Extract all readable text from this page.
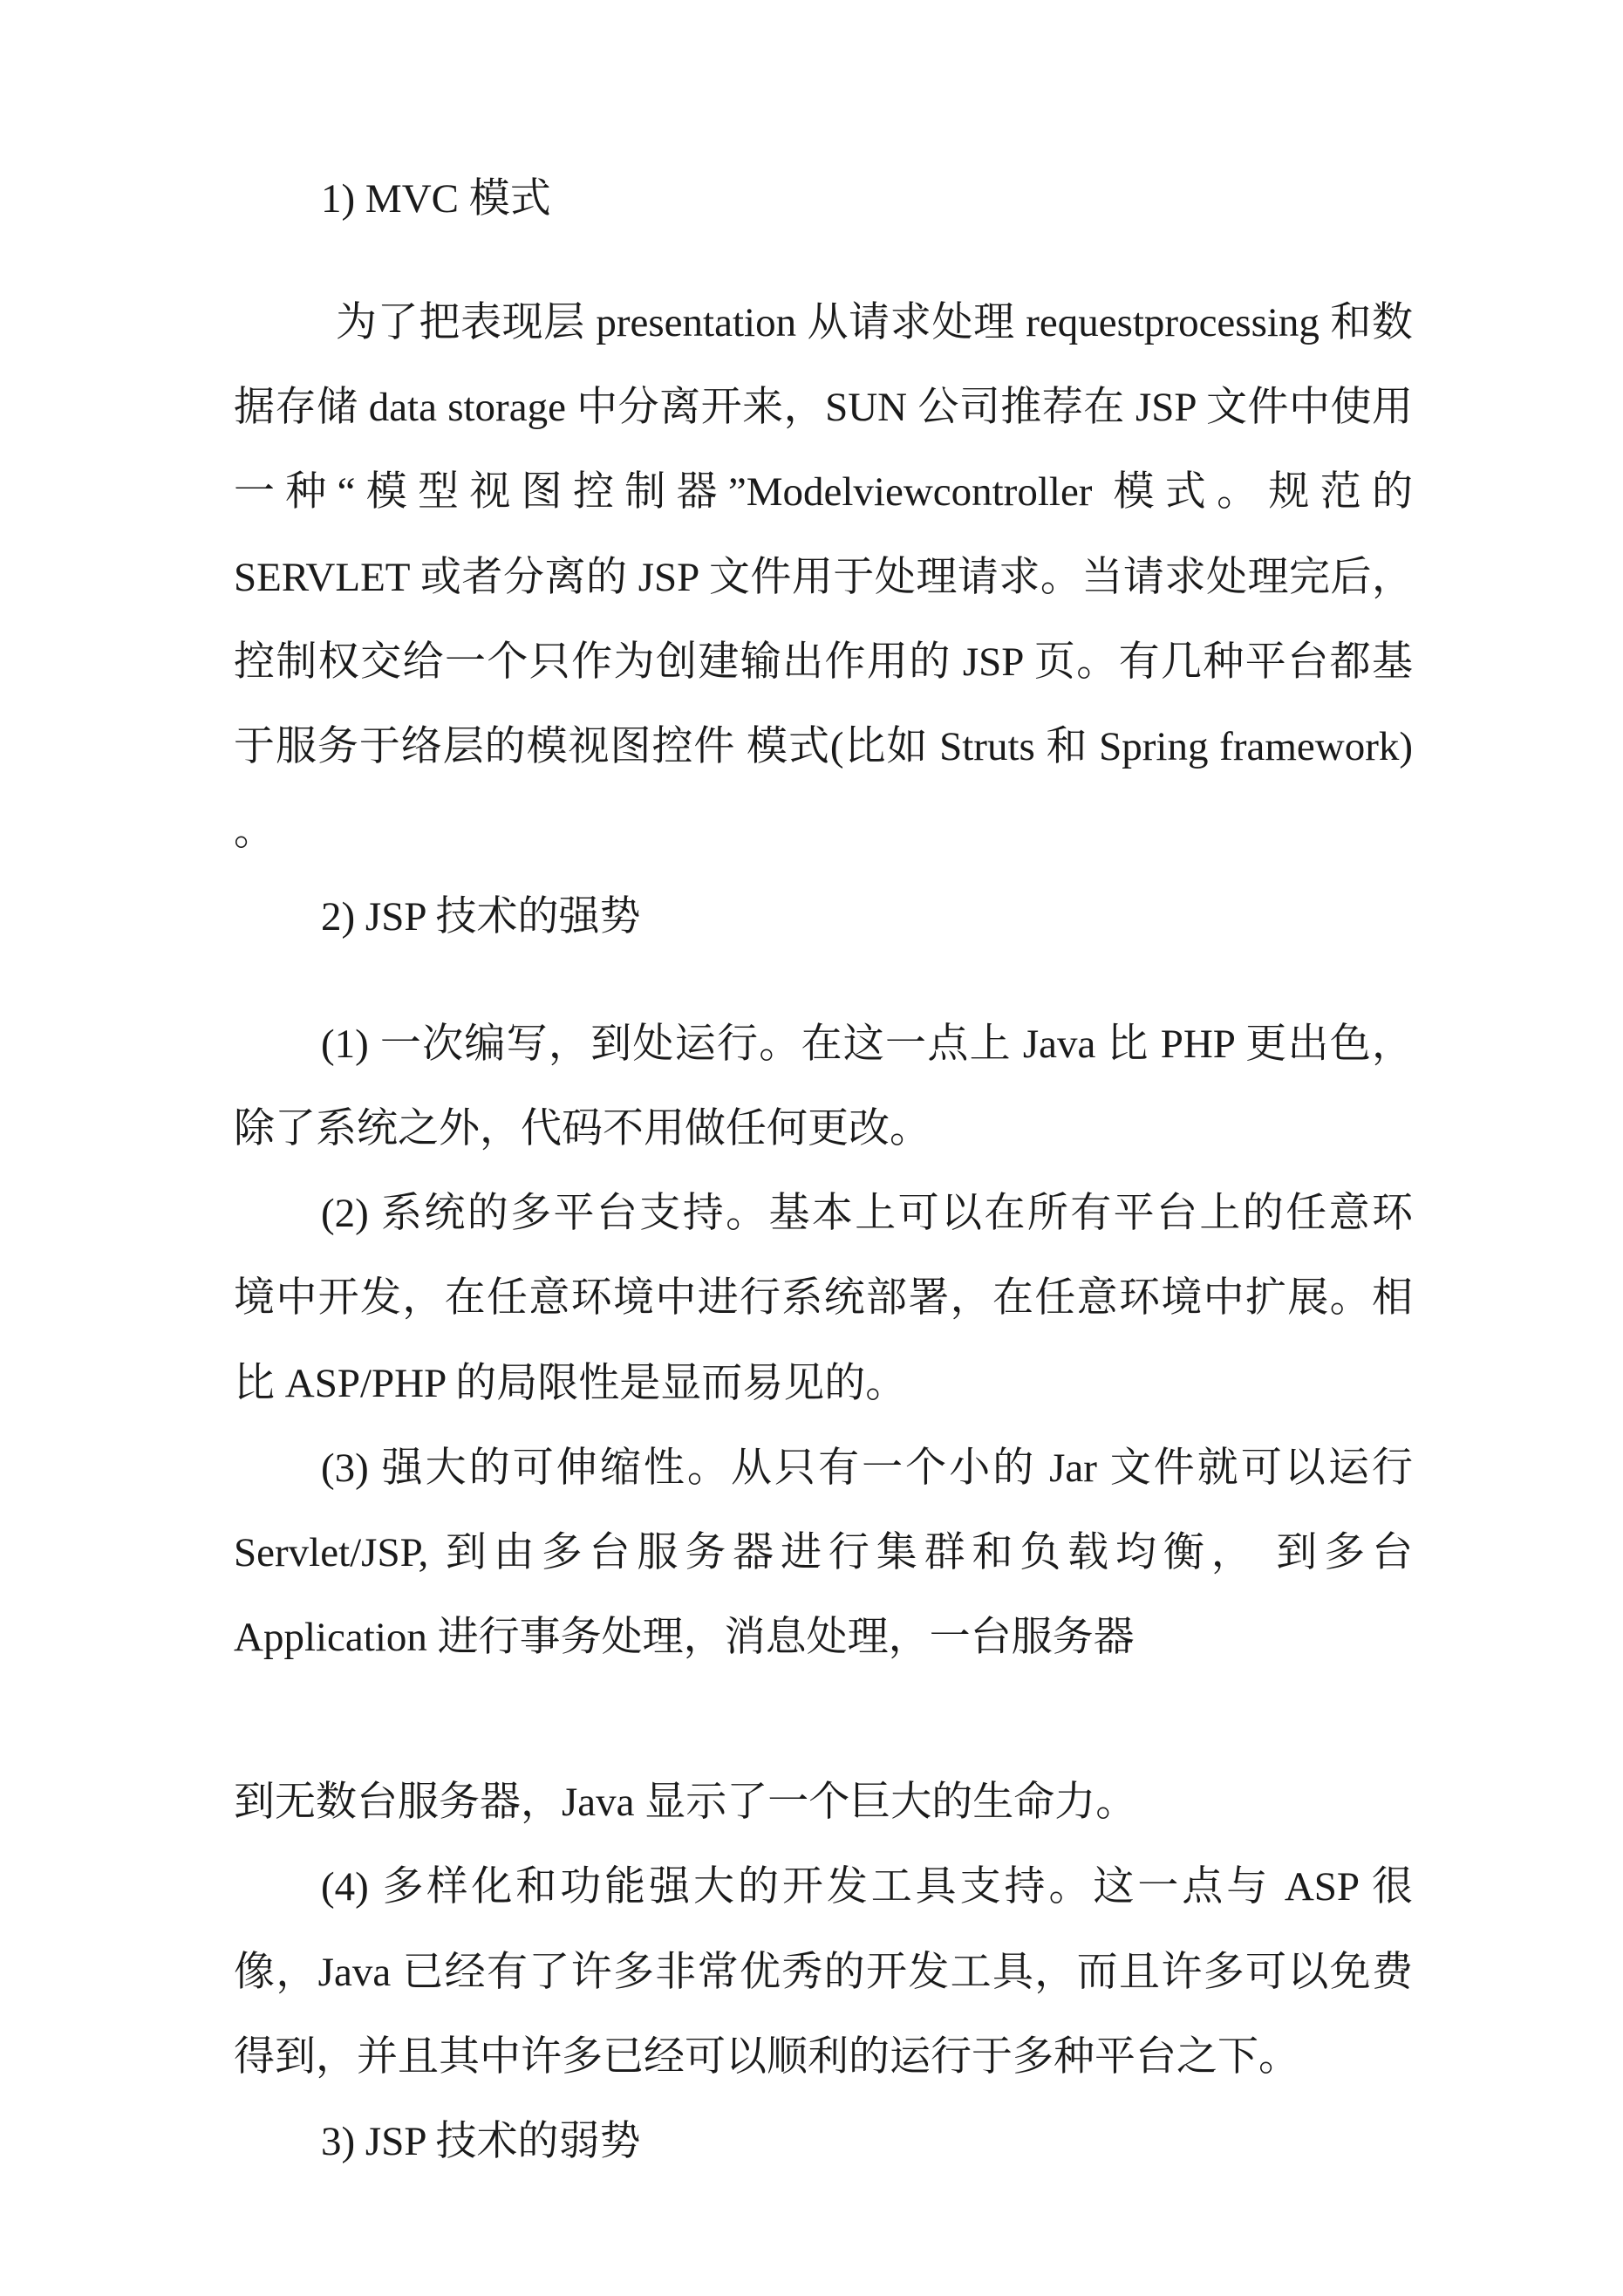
1) MVC 模式
为了把表现层 presentation 从请求处理 requestprocessing 和数
据存储 data storage 中分离开来，SUN 公司推荐在 JSP 文件中使用
一种“模型视图控制器”Modelviewcontroller 模式。规范的
SERVLET 或者分离的 JSP 文件用于处理请求。当请求处理完后，
控制权交给一个只作为创建输出作用的 JSP 页。有几种平台都基
于服务于络层的模视图控件 模式(比如 Struts 和 Spring framework)
。
2) JSP 技术的强势
(1) 一次编写，到处运行。在这一点上 Java 比 PHP 更出色，
除了系统之外，代码不用做任何更改。
(2) 系统的多平台支持。基本上可以在所有平台上的任意环
境中开发，在任意环境中进行系统部署，在任意环境中扩展。相
比 ASP/PHP 的局限性是显而易见的。
(3) 强大的可伸缩性。从只有一个小的 Jar 文件就可以运行
Servlet/JSP, 到由多台服务器进行集群和负载均衡， 到多台
Application 进行事务处理，消息处理，一台服务器
到无数台服务器，Java 显示了一个巨大的生命力。
(4) 多样化和功能强大的开发工具支持。这一点与 ASP 很
像，Java 已经有了许多非常优秀的开发工具，而且许多可以免费
得到，并且其中许多已经可以顺利的运行于多种平台之下。
3) JSP 技术的弱势
